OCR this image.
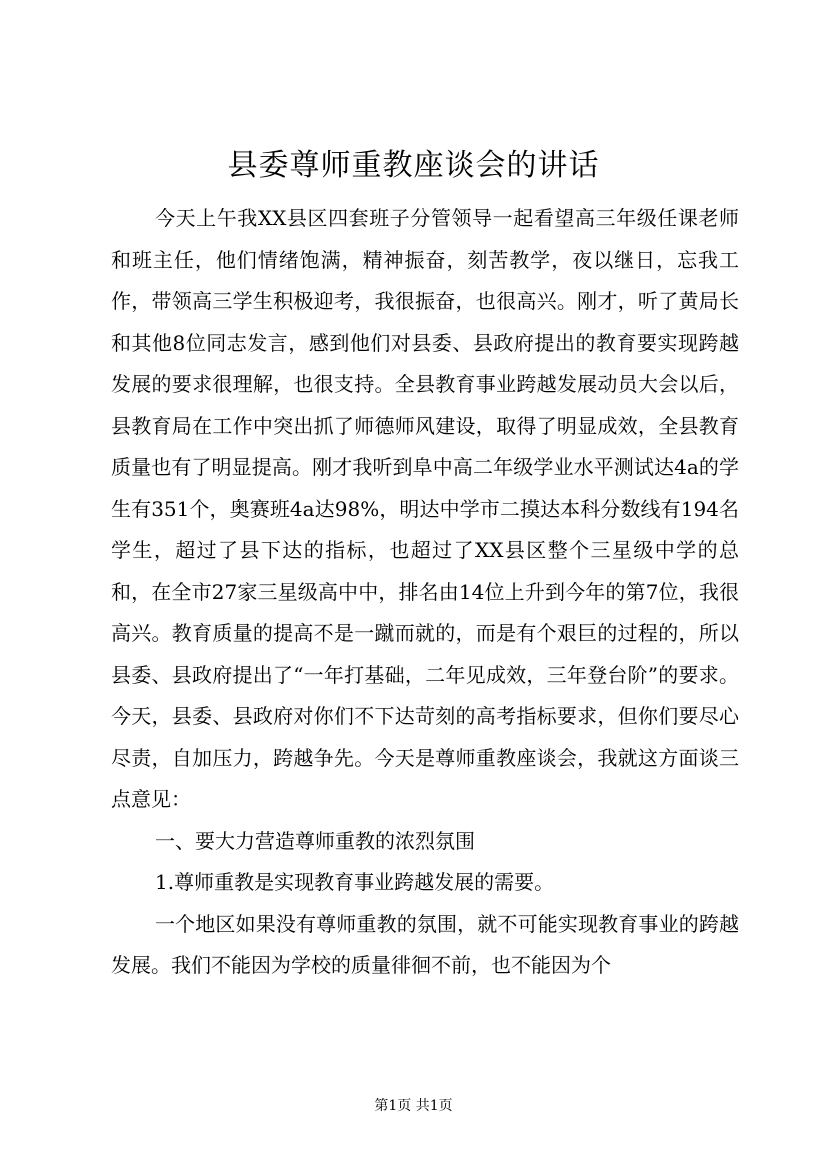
县委尊师重教座谈会的讲话

今天上午我XX县区四套班子分管领导一起看望高三年级任课老师和班主任，他们情绪饱满，精神振奋，刻苦教学，夜以继日，忘我工作，带领高三学生积极迎考，我很振奋，也很高兴。刚才，听了黄局长和其他8位同志发言，感到他们对县委、县政府提出的教育要实现跨越发展的要求很理解，也很支持。全县教育事业跨越发展动员大会以后，县教育局在工作中突出抓了师德师风建设，取得了明显成效，全县教育质量也有了明显提高。刚才我听到阜中高二年级学业水平测试达4a的学生有351个，奥赛班4a达98%，明达中学市二摸达本科分数线有194名学生，超过了县下达的指标，也超过了XX县区整个三星级中学的总和，在全市27家三星级高中中，排名由14位上升到今年的第7位，我很高兴。教育质量的提高不是一蹴而就的，而是有个艰巨的过程的，所以县委、县政府提出了“一年打基础，二年见成效，三年登台阶”的要求。今天，县委、县政府对你们不下达苛刻的高考指标要求，但你们要尽心尽责，自加压力，跨越争先。今天是尊师重教座谈会，我就这方面谈三点意见：

一、要大力营造尊师重教的浓烈氛围

1.尊师重教是实现教育事业跨越发展的需要。

一个地区如果没有尊师重教的氛围，就不可能实现教育事业的跨越发展。我们不能因为学校的质量徘徊不前，也不能因为个

第1页 共1页
